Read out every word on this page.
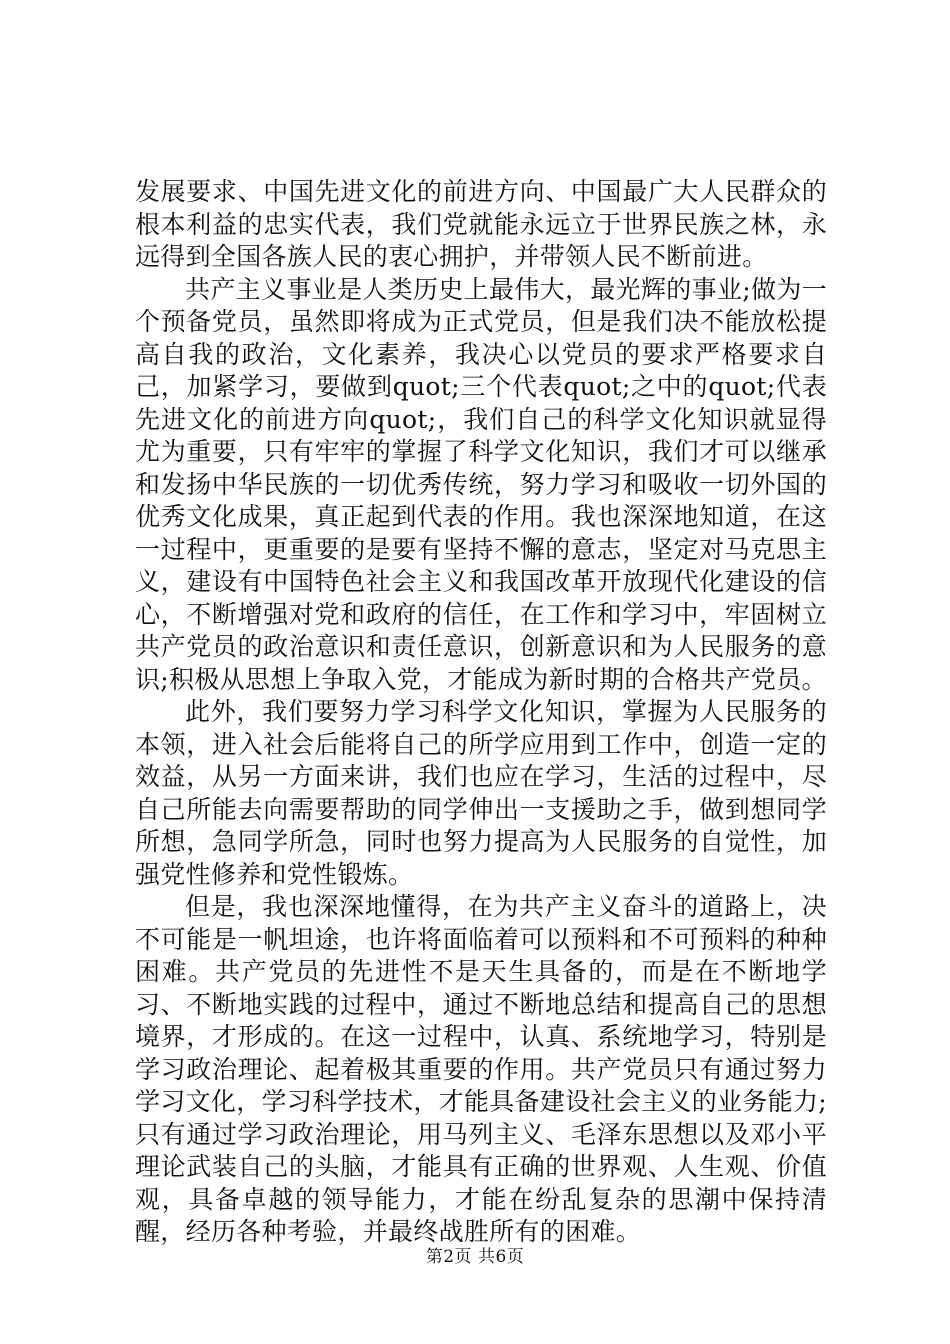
发展要求、中国先进文化的前进方向、中国最广大人民群众的根本利益的忠实代表，我们党就能永远立于世界民族之林，永远得到全国各族人民的衷心拥护，并带领人民不断前进。

共产主义事业是人类历史上最伟大，最光辉的事业;做为一个预备党员，虽然即将成为正式党员，但是我们决不能放松提高自我的政治，文化素养，我决心以党员的要求严格要求自己，加紧学习，要做到quot;三个代表quot;之中的quot;代表先进文化的前进方向quot;，我们自己的科学文化知识就显得尤为重要，只有牢牢的掌握了科学文化知识，我们才可以继承和发扬中华民族的一切优秀传统，努力学习和吸收一切外国的优秀文化成果，真正起到代表的作用。我也深深地知道，在这一过程中，更重要的是要有坚持不懈的意志，坚定对马克思主义，建设有中国特色社会主义和我国改革开放现代化建设的信心，不断增强对党和政府的信任，在工作和学习中，牢固树立共产党员的政治意识和责任意识，创新意识和为人民服务的意识;积极从思想上争取入党，才能成为新时期的合格共产党员。

此外，我们要努力学习科学文化知识，掌握为人民服务的本领，进入社会后能将自己的所学应用到工作中，创造一定的效益，从另一方面来讲，我们也应在学习，生活的过程中，尽自己所能去向需要帮助的同学伸出一支援助之手，做到想同学所想，急同学所急，同时也努力提高为人民服务的自觉性，加强党性修养和党性锻炼。

但是，我也深深地懂得，在为共产主义奋斗的道路上，决不可能是一帆坦途，也许将面临着可以预料和不可预料的种种困难。共产党员的先进性不是天生具备的，而是在不断地学习、不断地实践的过程中，通过不断地总结和提高自己的思想境界，才形成的。在这一过程中，认真、系统地学习，特别是学习政治理论、起着极其重要的作用。共产党员只有通过努力学习文化，学习科学技术，才能具备建设社会主义的业务能力;只有通过学习政治理论，用马列主义、毛泽东思想以及邓小平理论武装自己的头脑，才能具有正确的世界观、人生观、价值观，具备卓越的领导能力，才能在纷乱复杂的思潮中保持清醒，经历各种考验，并最终战胜所有的困难。

第2页 共6页
